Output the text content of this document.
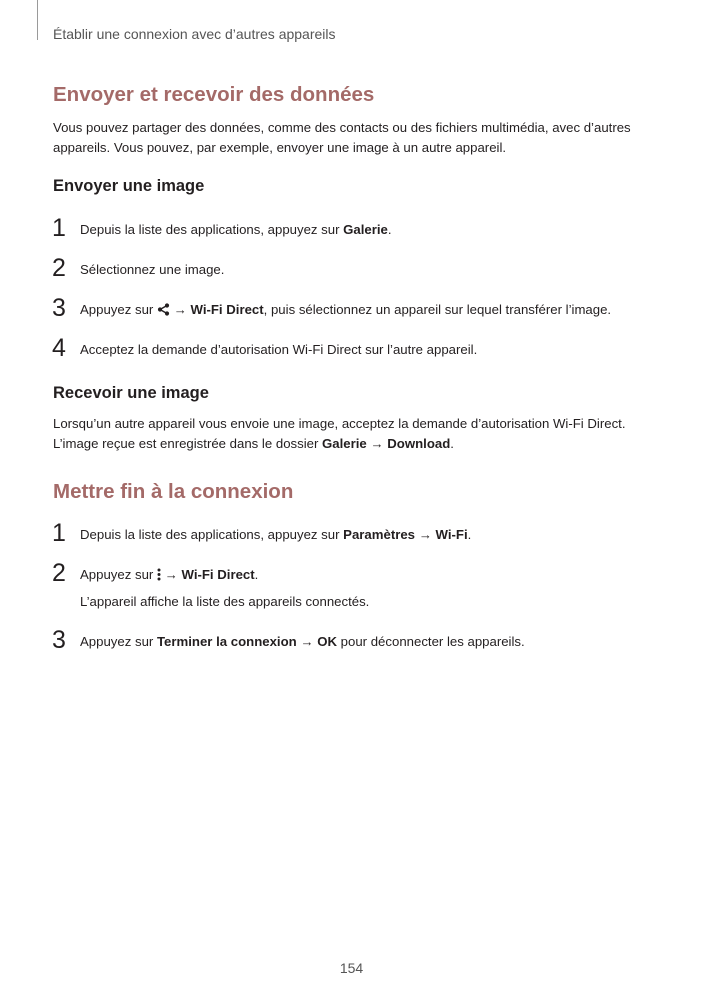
Établir une connexion avec d’autres appareils
Envoyer et recevoir des données
Vous pouvez partager des données, comme des contacts ou des fichiers multimédia, avec d’autres
appareils. Vous pouvez, par exemple, envoyer une image à un autre appareil.
Envoyer une image
1 Depuis la liste des applications, appuyez sur Galerie.
2 Sélectionnez une image.
3 Appuyez sur  → Wi-Fi Direct, puis sélectionnez un appareil sur lequel transférer l’image.
4 Acceptez la demande d’autorisation Wi-Fi Direct sur l’autre appareil.
Recevoir une image
Lorsqu’un autre appareil vous envoie une image, acceptez la demande d’autorisation Wi-Fi Direct.
L’image reçue est enregistrée dans le dossier Galerie → Download.
Mettre fin à la connexion
1 Depuis la liste des applications, appuyez sur Paramètres → Wi-Fi.
2 Appuyez sur  → Wi-Fi Direct.
L’appareil affiche la liste des appareils connectés.
3 Appuyez sur Terminer la connexion → OK pour déconnecter les appareils.
154
